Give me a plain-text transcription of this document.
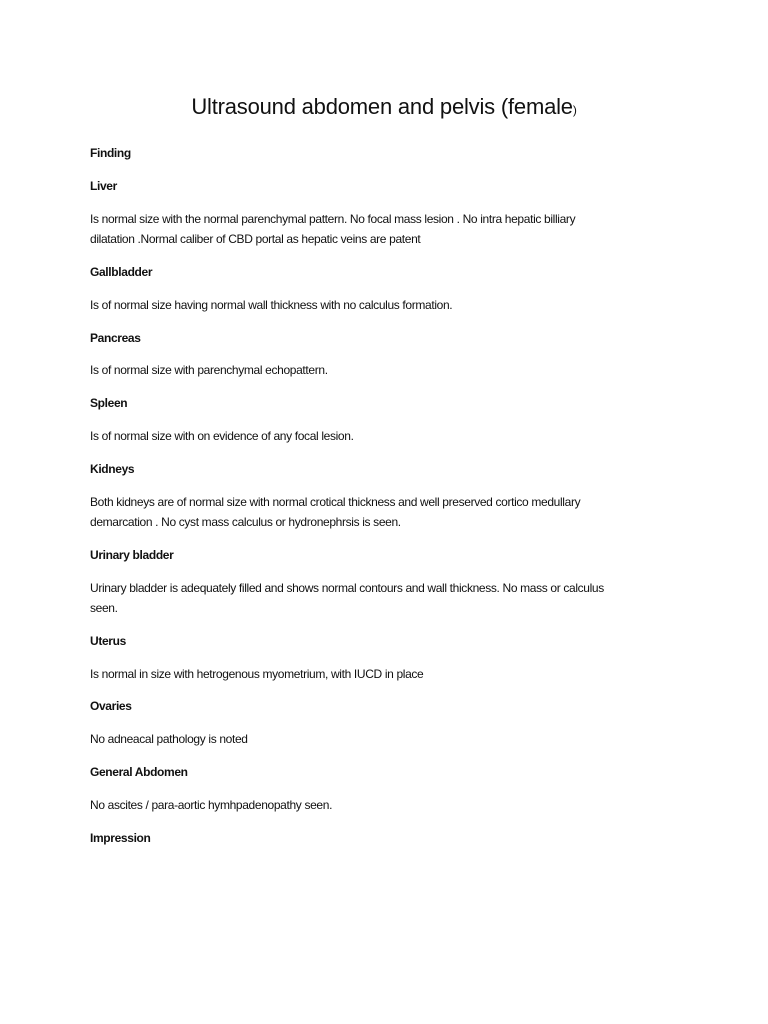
Ultrasound abdomen and pelvis (female)
Finding
Liver
Is normal size with the normal parenchymal pattern. No focal mass lesion . No intra hepatic billiary
dilatation .Normal caliber of CBD portal as hepatic veins are patent
Gallbladder
Is of normal size having normal wall thickness with no calculus formation.
Pancreas
Is of normal size with parenchymal echopattern.
Spleen
Is of normal size with on evidence of any focal lesion.
Kidneys
Both kidneys are of normal size with normal crotical thickness and well preserved cortico medullary
demarcation . No cyst mass calculus or hydronephrsis is seen.
Urinary bladder
Urinary bladder is adequately filled and shows normal contours and wall thickness. No mass or calculus
seen.
Uterus
Is normal in size with hetrogenous myometrium, with IUCD in place
Ovaries
No adneacal pathology is noted
General Abdomen
No ascites / para-aortic hymhpadenopathy seen.
Impression
